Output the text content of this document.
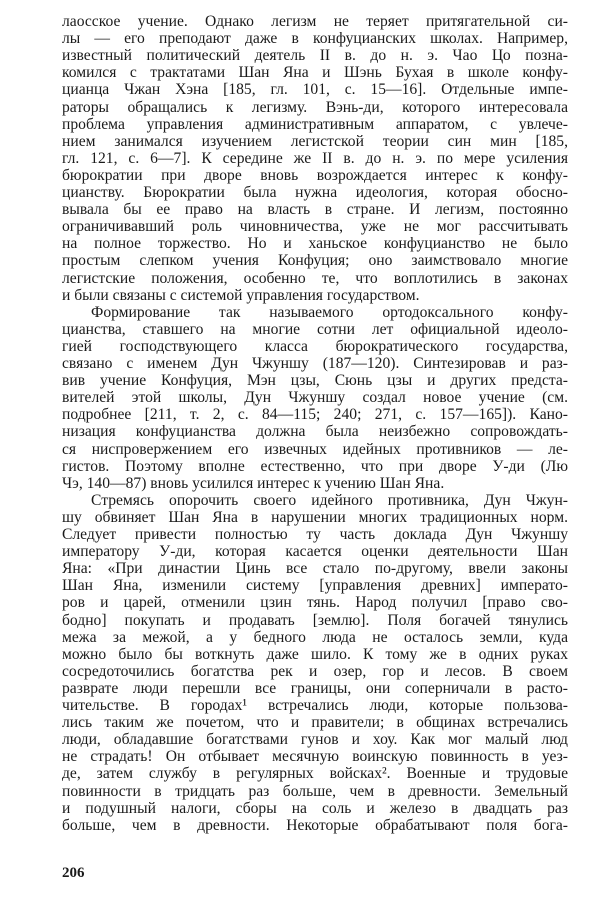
лаосское учение. Однако легизм не теряет притягательной си-
лы — его преподают даже в конфуцианских школах. Например,
известный политический деятель II в. до н. э. Чао Цо позна-
комился с трактатами Шан Яна и Шэнь Бухая в школе конфу-
цианца Чжан Хэна [185, гл. 101, с. 15—16]. Отдельные импе-
раторы обращались к легизму. Вэнь-ди, которого интересовала
проблема управления административным аппаратом, с увлече-
нием занимался изучением легистской теории син мин [185,
гл. 121, с. 6—7]. К середине же II в. до н. э. по мере усиления
бюрократии при дворе вновь возрождается интерес к конфу-
цианству. Бюрократии была нужна идеология, которая обосно-
вывала бы ее право на власть в стране. И легизм, постоянно
ограничивавший роль чиновничества, уже не мог рассчитывать
на полное торжество. Но и ханьское конфуцианство не было
простым слепком учения Конфуция; оно заимствовало многие
легистские положения, особенно те, что воплотились в законах
и были связаны с системой управления государством.
Формирование так называемого ортодоксального конфу-
цианства, ставшего на многие сотни лет официальной идеоло-
гией господствующего класса бюрократического государства,
связано с именем Дун Чжуншу (187—120). Синтезировав и раз-
вив учение Конфуция, Мэн цзы, Сюнь цзы и других предста-
вителей этой школы, Дун Чжуншу создал новое учение (см.
подробнее [211, т. 2, с. 84—115; 240; 271, с. 157—165]). Кано-
низация конфуцианства должна была неизбежно сопровождать-
ся ниспровержением его извечных идейных противников — ле-
гистов. Поэтому вполне естественно, что при дворе У-ди (Лю
Чэ, 140—87) вновь усилился интерес к учению Шан Яна.
Стремясь опорочить своего идейного противника, Дун Чжун-
шу обвиняет Шан Яна в нарушении многих традиционных норм.
Следует привести полностью ту часть доклада Дун Чжуншу
императору У-ди, которая касается оценки деятельности Шан
Яна: «При династии Цинь все стало по-другому, ввели законы
Шан Яна, изменили систему [управления древних] императо-
ров и царей, отменили цзин тянь. Народ получил [право сво-
бодно] покупать и продавать [землю]. Поля богачей тянулись
межа за межой, а у бедного люда не осталось земли, куда
можно было бы воткнуть даже шило. К тому же в одних руках
сосредоточились богатства рек и озер, гор и лесов. В своем
разврате люди перешли все границы, они соперничали в расто-
чительстве. В городах¹ встречались люди, которые пользова-
лись таким же почетом, что и правители; в общинах встречались
люди, обладавшие богатствами гунов и хоу. Как мог малый люд
не страдать! Он отбывает месячную воинскую повинность в уез-
де, затем службу в регулярных войсках². Военные и трудовые
повинности в тридцать раз больше, чем в древности. Земельный
и подушный налоги, сборы на соль и железо в двадцать раз
больше, чем в древности. Некоторые обрабатывают поля бога-
206
